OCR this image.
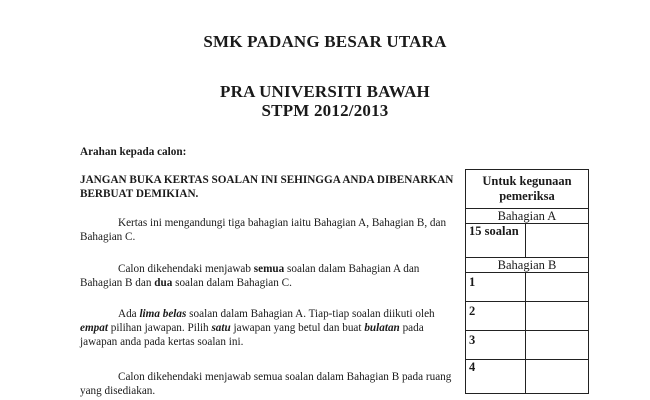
SMK PADANG BESAR UTARA
PRA UNIVERSITI BAWAH
STPM 2012/2013

Arahan kepada calon:

JANGAN BUKA KERTAS SOALAN INI SEHINGGA ANDA DIBENARKAN BERBUAT DEMIKIAN.

Kertas ini mengandungi tiga bahagian iaitu Bahagian A, Bahagian B, dan Bahagian C.

Calon dikehendaki menjawab semua soalan dalam Bahagian A dan Bahagian B dan dua soalan dalam Bahagian C.

Ada lima belas soalan dalam Bahagian A. Tiap-tiap soalan diikuti oleh empat pilihan jawapan. Pilih satu jawapan yang betul dan buat bulatan pada jawapan anda pada kertas soalan ini.

Calon dikehendaki menjawab semua soalan dalam Bahagian B pada ruang yang disediakan.

Untuk kegunaan pemeriksa	
Bahagian A	
15 soalan	
Bahagian B	
1	
2	
3	
4	
